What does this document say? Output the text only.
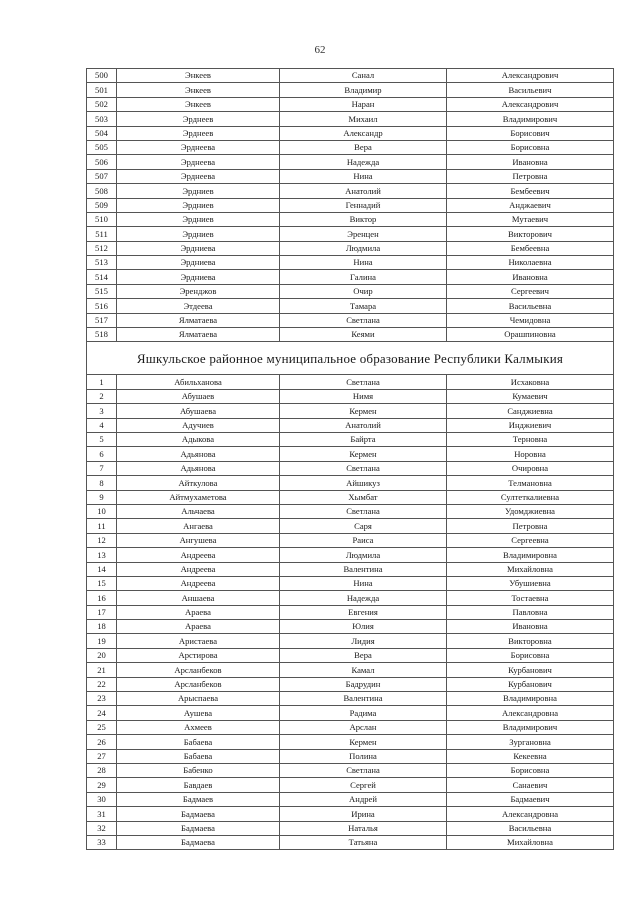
62
500	Энкеев	Санал	Александрович
501	Энкеев	Владимир	Васильевич
502	Энкеев	Наран	Александрович
503	Эрднеев	Михаил	Владимирович
504	Эрднеев	Александр	Борисович
505	Эрднеева	Вера	Борисовна
506	Эрднеева	Надежда	Ивановна
507	Эрднеева	Нина	Петровна
508	Эрдниев	Анатолий	Бембеевич
509	Эрдниев	Геннадий	Анджаевич
510	Эрдниев	Виктор	Мутаевич
511	Эрдниев	Эренцен	Викторович
512	Эрдниева	Людмила	Бембеевна
513	Эрдниева	Нина	Николаевна
514	Эрдниева	Галина	Ивановна
515	Эренджов	Очир	Сергеевич
516	Этдеева	Тамара	Васильевна
517	Ялматаева	Светлана	Чемидовна
518	Ялматаева	Кеями	Орашпиновна
Яшкульское районное муниципальное образование Республики Калмыкия			
1	Абильханова	Светлана	Исхаковна
2	Абушаев	Нимя	Кумаевич
3	Абушаева	Кермен	Санджиевна
4	Адучиев	Анатолий	Инджиевич
5	Адыкова	Байрта	Терновна
6	Адьянова	Кермен	Норовна
7	Адьянова	Светлана	Очировна
8	Айткулова	Айшикуз	Телмановна
9	Айтмухаметова	Хымбат	Султеткалиевна
10	Альчаева	Светлана	Удомджиевна
11	Ангаева	Саря	Петровна
12	Ангушева	Раиса	Сергеевна
13	Андреева	Людмила	Владимировна
14	Андреева	Валентина	Михайловна
15	Андреева	Нина	Убушиевна
16	Аншаева	Надежда	Тостаевна
17	Араева	Евгения	Павловна
18	Араева	Юлия	Ивановна
19	Аристаева	Лидия	Викторовна
20	Арстирова	Вера	Борисовна
21	Арсланбеков	Камал	Курбанович
22	Арсланбеков	Бадрудин	Курбанович
23	Арыспаева	Валентина	Владимировна
24	Аушева	Радима	Александровна
25	Ахмеев	Арслан	Владимирович
26	Бабаева	Кермен	Зургановна
27	Бабаева	Полина	Кекеевна
28	Бабенко	Светлана	Борисовна
29	Бавдаев	Сергей	Санаевич
30	Бадмаев	Андрей	Бадмаевич
31	Бадмаева	Ирина	Александровна
32	Бадмаева	Наталья	Васильевна
33	Бадмаева	Татьяна	Михайловна
